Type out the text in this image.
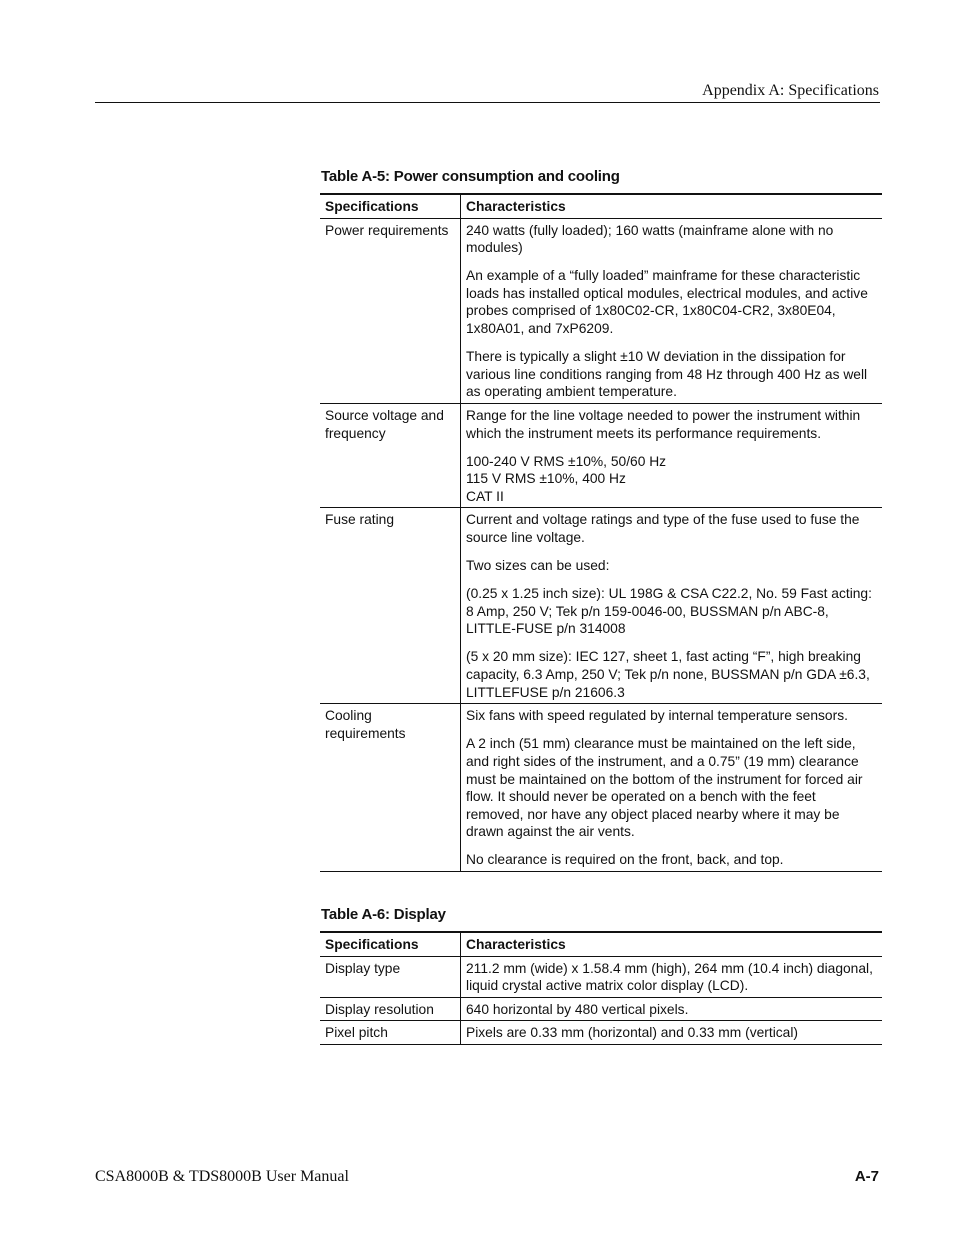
Appendix A: Specifications
Table A-5: Power consumption and cooling
Specifications	Characteristics
Power requirements	240 watts (fully loaded); 160 watts (mainframe alone with no modules)

An example of a “fully loaded” mainframe for these characteristic loads has installed optical modules, electrical modules, and active probes comprised of 1x80C02-CR, 1x80C04-CR2, 3x80E04, 1x80A01, and 7xP6209.

There is typically a slight ±10 W deviation in the dissipation for various line conditions ranging from 48 Hz through 400 Hz as well as operating ambient temperature.

Source voltage and frequency	Range for the line voltage needed to power the instrument within which the instrument meets its performance requirements.

100-240 V RMS ±10%, 50/60 Hz
115 V RMS ±10%, 400 Hz
CAT II

Fuse rating	Current and voltage ratings and type of the fuse used to fuse the source line voltage.

Two sizes can be used:

(0.25 x 1.25 inch size): UL 198G & CSA C22.2, No. 59 Fast acting: 8 Amp, 250 V; Tek p/n 159-0046-00, BUSSMAN p/n ABC-8, LITTLE-FUSE p/n 314008

(5 x 20 mm size): IEC 127, sheet 1, fast acting “F”, high breaking capacity, 6.3 Amp, 250 V; Tek p/n none, BUSSMAN p/n GDA ±6.3, LITTLEFUSE p/n 21606.3

Cooling requirements	Six fans with speed regulated by internal temperature sensors.

A 2 inch (51 mm) clearance must be maintained on the left side, and right sides of the instrument, and a 0.75” (19 mm) clearance must be maintained on the bottom of the instrument for forced air flow. It should never be operated on a bench with the feet removed, nor have any object placed nearby where it may be drawn against the air vents.

No clearance is required on the front, back, and top.

Table A-6: Display
Specifications	Characteristics
Display type	211.2 mm (wide) x 1.58.4 mm (high), 264 mm (10.4 inch) diagonal, liquid crystal active matrix color display (LCD).

Display resolution	640 horizontal by 480 vertical pixels.

Pixel pitch	Pixels are 0.33 mm (horizontal) and 0.33 mm (vertical)

CSA8000B & TDS8000B User Manual	A-7
